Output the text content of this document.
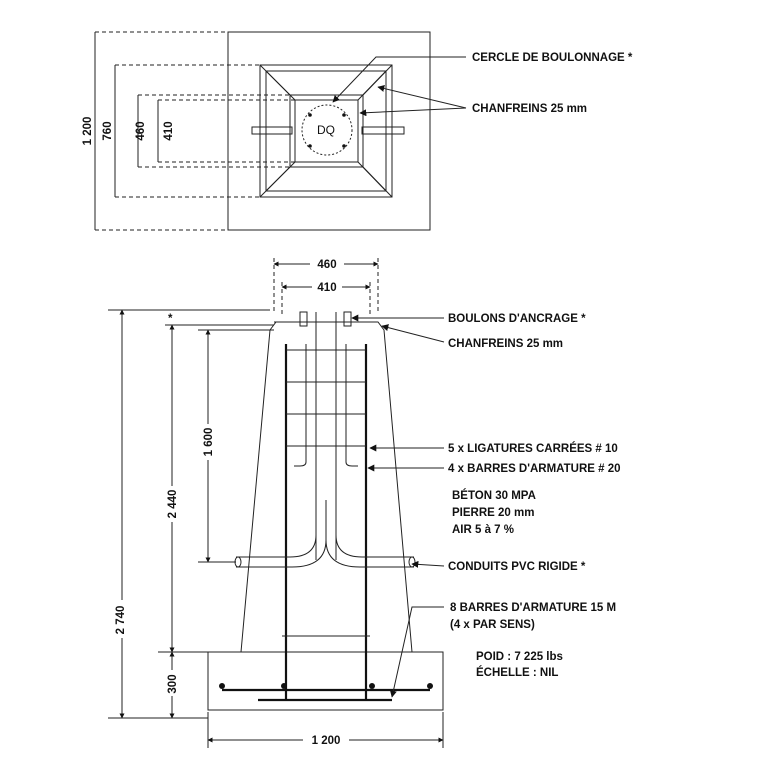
DQ
1 200 760 460 410
CERCLE DE BOULONNAGE *
CHANFREINS 25 mm
460
410
2 740
*
2 440
1 600
300
1 200
BOULONS D'ANCRAGE *
CHANFREINS 25 mm
5 x LIGATURES CARRÉES # 10
4 x BARRES D'ARMATURE # 20
BÉTON 30 MPA
PIERRE 20 mm
AIR 5 à 7 %
CONDUITS PVC RIGIDE *
8 BARRES D'ARMATURE 15 M
(4 x PAR SENS)
POID : 7 225 lbs
ÉCHELLE : NIL
